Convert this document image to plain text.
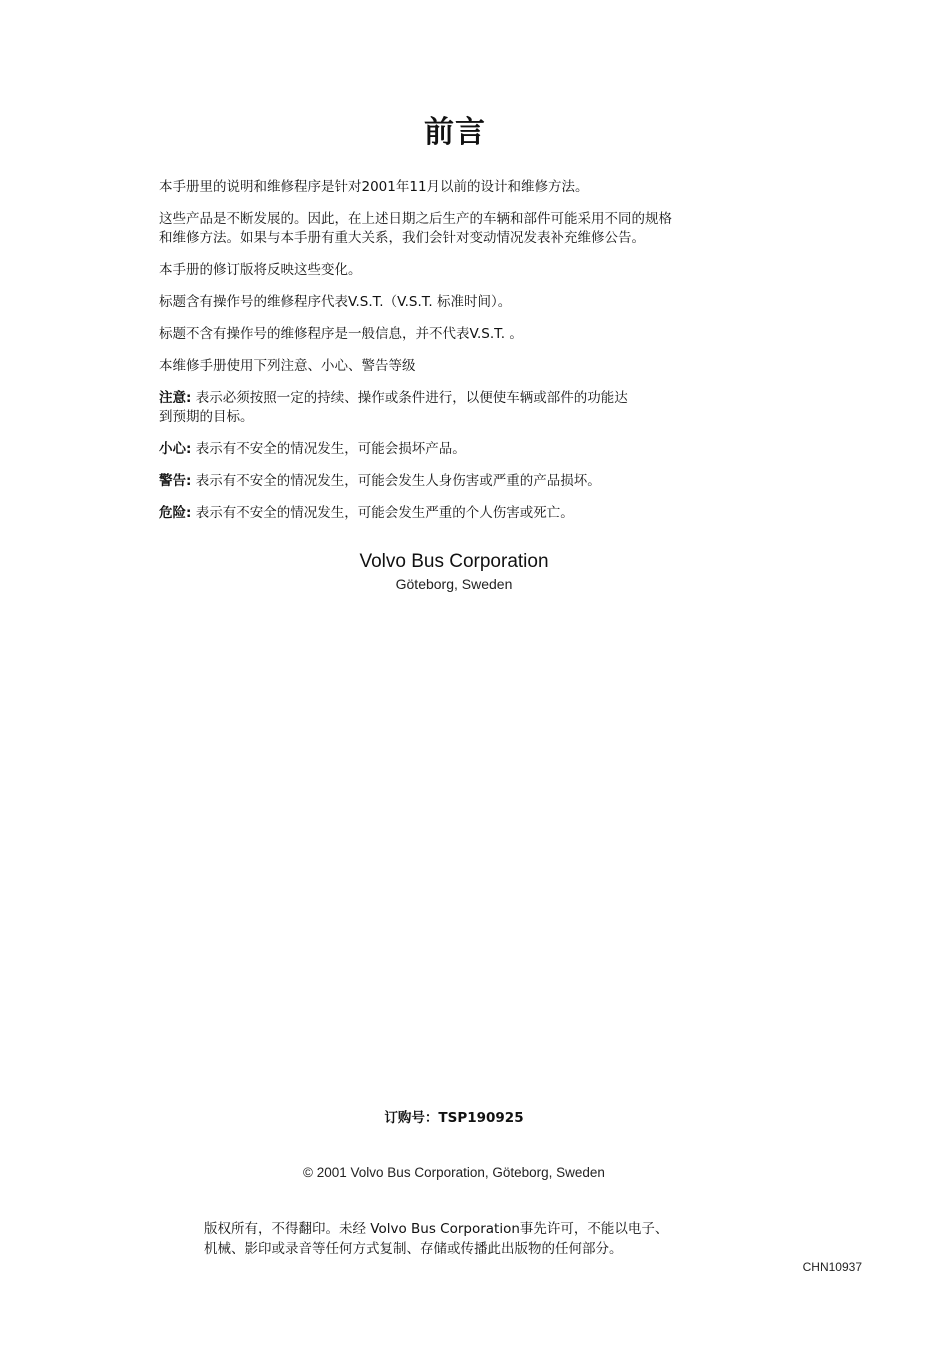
前言

本手册里的说明和维修程序是针对2001年11月以前的设计和维修方法。

这些产品是不断发展的。因此，在上述日期之后生产的车辆和部件可能采用不同的规格
和维修方法。如果与本手册有重大关系，我们会针对变动情况发表补充维修公告。

本手册的修订版将反映这些变化。

标题含有操作号的维修程序代表V.S.T.（V.S.T. 标准时间）。

标题不含有操作号的维修程序是一般信息，并不代表V.S.T. 。

本维修手册使用下列注意、小心、警告等级

注意: 表示必须按照一定的持续、操作或条件进行，以便使车辆或部件的功能达
到预期的目标。

小心: 表示有不安全的情况发生，可能会损坏产品。

警告: 表示有不安全的情况发生，可能会发生人身伤害或严重的产品损坏。

危险: 表示有不安全的情况发生，可能会发生严重的个人伤害或死亡。

Volvo Bus Corporation
Göteborg, Sweden
订购号：TSP190925
© 2001 Volvo Bus Corporation, Göteborg, Sweden
版权所有，不得翻印。未经 Volvo Bus Corporation事先许可，不能以电子、
机械、影印或录音等任何方式复制、存储或传播此出版物的任何部分。
CHN10937
